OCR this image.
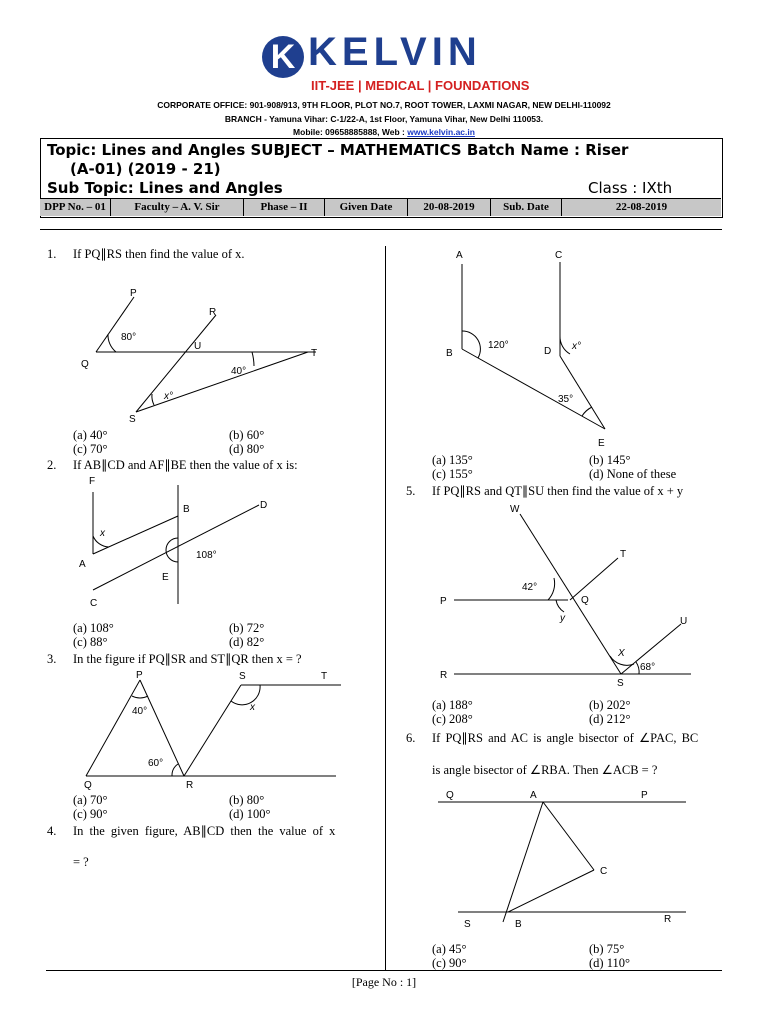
K KELVIN
IIT-JEE | MEDICAL | FOUNDATIONS
CORPORATE OFFICE: 901-908/913, 9TH FLOOR, PLOT NO.7, ROOT TOWER, LAXMI NAGAR, NEW DELHI-110092
BRANCH - Yamuna Vihar: C-1/22-A, 1st Floor, Yamuna Vihar, New Delhi 110053.
Mobile: 09658885888, Web : www.kelvin.ac.in
Topic: Lines and Angles SUBJECT – MATHEMATICS Batch Name : Riser
(A-01) (2019 - 21)
Sub Topic: Lines and Angles	Class : IXth
DPP No. – 01	Faculty – A. V. Sir	Phase – II	Given Date	20-08-2019	Sub. Date	22-08-2019
1. If PQ∥RS then find the value of x.
P
R
Q
U
T
S
80°
40°
x°
(a) 40°	(b) 60°
(c) 70°	(d) 80°
2. If AB∥CD and AF∥BE then the value of x is:
F
B	D
A
x
108°
E
C
(a) 108°	(b) 72°
(c) 88°	(d) 82°
3. In the figure if PQ∥SR and ST∥QR then x = ?
P	S	T
40°	x
60°
Q	R
(a) 70°	(b) 80°
(c) 90°	(d) 100°
4. In the given figure, AB∥CD then the value of x
= ?
A	C
B
120°
D x°
35°
E
(a) 135°	(b) 145°
(c) 155°	(d) None of these
5. If PQ∥RS and QT∥SU then find the value of x + y
W
T
P
42°
Q
y	U
X
68°
R
S
(a) 188°	(b) 202°
(c) 208°	(d) 212°
6. If PQ∥RS and AC is angle bisector of ∠PAC, BC
is angle bisector of ∠RBA. Then ∠ACB = ?
Q	A	P
C
S	B	R
(a) 45°	(b) 75°
(c) 90°	(d) 110°
[Page No : 1]
